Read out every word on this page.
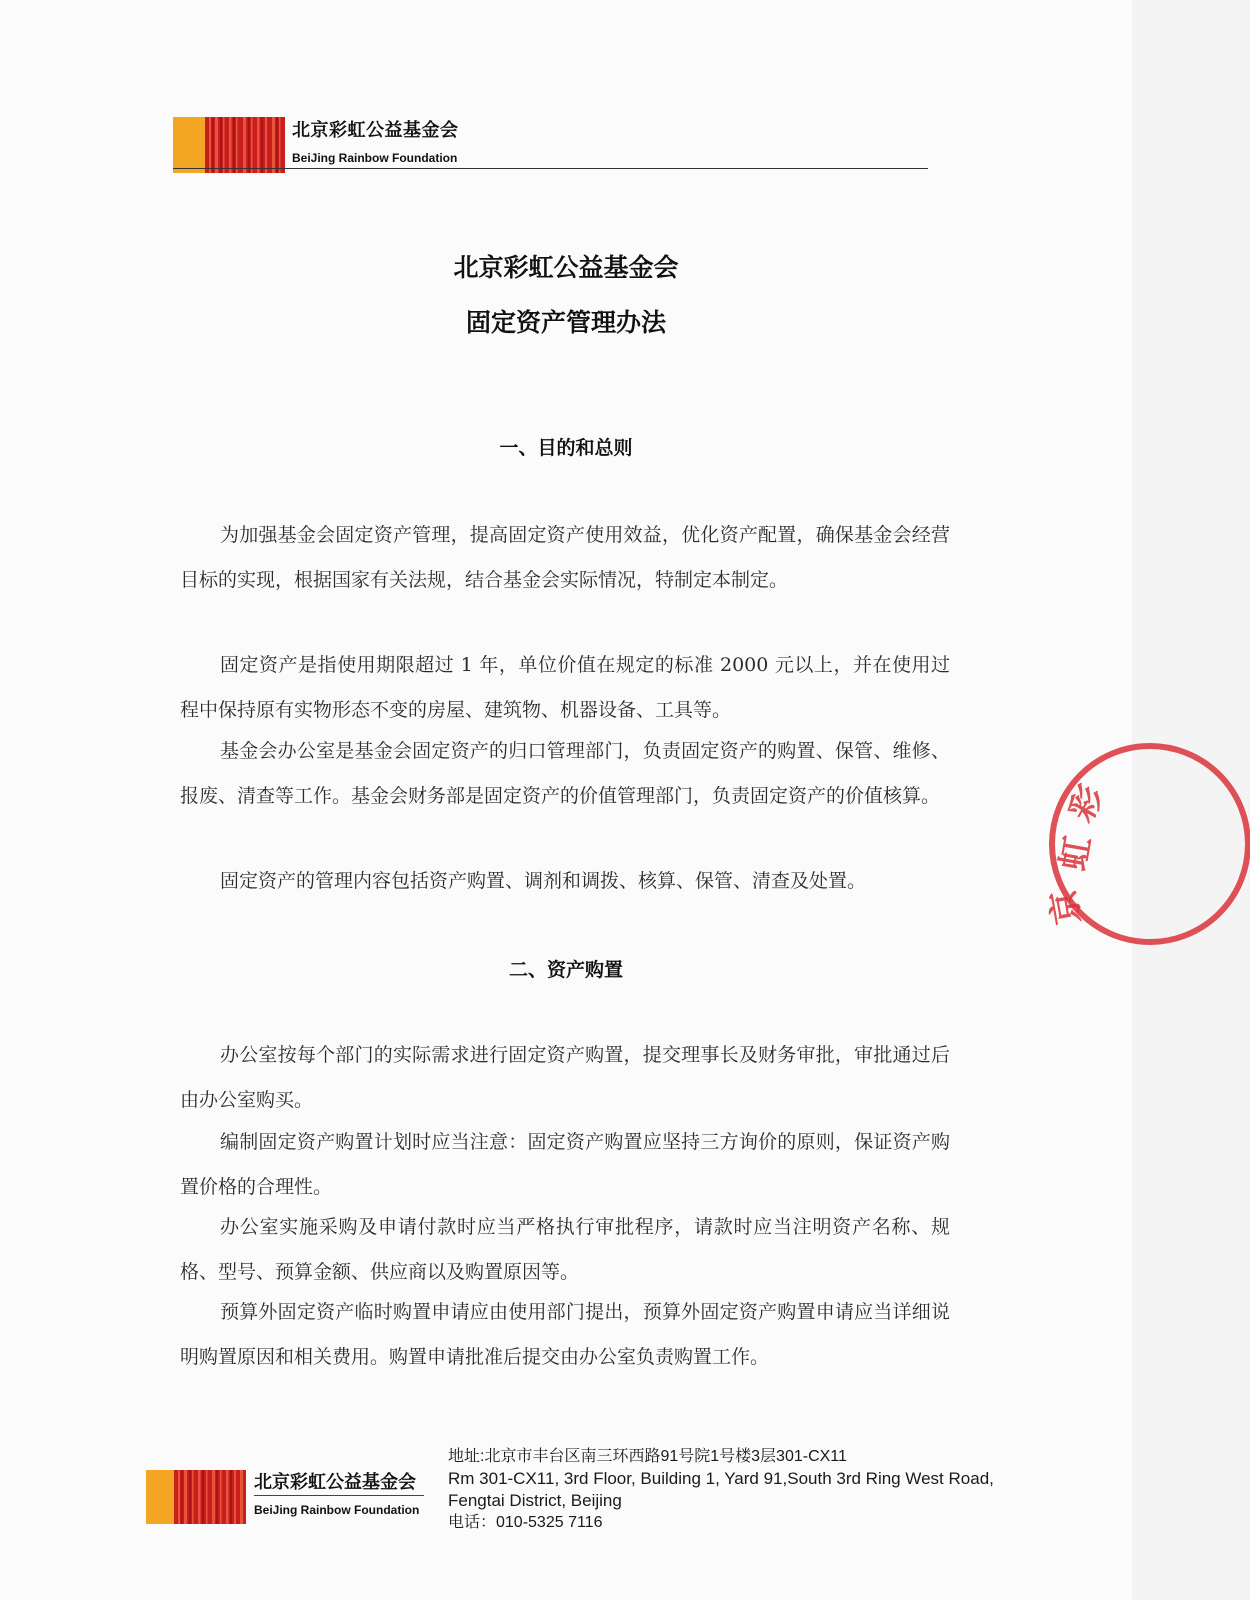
北京彩虹公益基金会
BeiJing Rainbow Foundation
北京彩虹公益基金会
固定资产管理办法
一、目的和总则
为加强基金会固定资产管理，提高固定资产使用效益，优化资产配置，确保基金会经营目标的实现，根据国家有关法规，结合基金会实际情况，特制定本制定。
固定资产是指使用期限超过 1 年，单位价值在规定的标准 2000 元以上，并在使用过程中保持原有实物形态不变的房屋、建筑物、机器设备、工具等。
基金会办公室是基金会固定资产的归口管理部门，负责固定资产的购置、保管、维修、报废、清查等工作。基金会财务部是固定资产的价值管理部门，负责固定资产的价值核算。
固定资产的管理内容包括资产购置、调剂和调拨、核算、保管、清查及处置。
二、资产购置
办公室按每个部门的实际需求进行固定资产购置，提交理事长及财务审批，审批通过后由办公室购买。
编制固定资产购置计划时应当注意：固定资产购置应坚持三方询价的原则，保证资产购置价格的合理性。
办公室实施采购及申请付款时应当严格执行审批程序，请款时应当注明资产名称、规格、型号、预算金额、供应商以及购置原因等。
预算外固定资产临时购置申请应由使用部门提出，预算外固定资产购置申请应当详细说明购置原因和相关费用。购置申请批准后提交由办公室负责购置工作。
彩
虹
京
北京彩虹公益基金会
BeiJing Rainbow Foundation
地址:北京市丰台区南三环西路91号院1号楼3层301-CX11
Rm 301-CX11, 3rd Floor, Building 1, Yard 91,South 3rd Ring West Road,
Fengtai District, Beijing
电话：010-5325 7116
